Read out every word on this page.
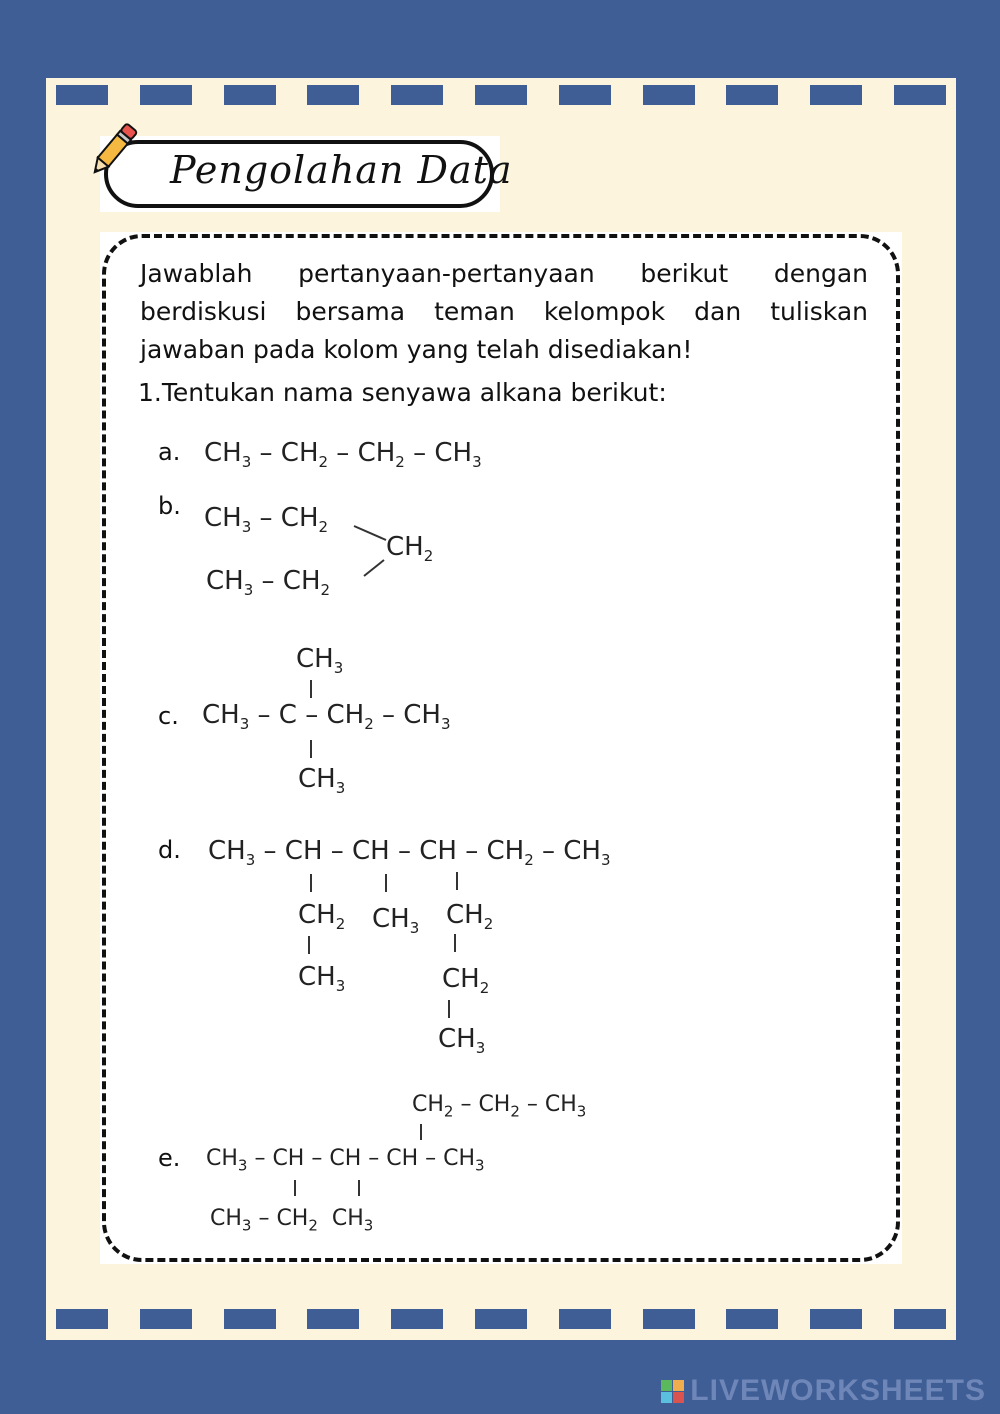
Pengolahan Data
Jawablah pertanyaan-pertanyaan berikut dengan berdiskusi bersama teman kelompok dan tuliskan jawaban pada kolom yang telah disediakan!
1.Tentukan nama senyawa alkana berikut:
a. $CH_3 - CH_2 - CH_2 - CH_3$
b. $CH_3 - CH_2$
$CH_2$
$CH_3 - CH_2$
c.
$CH_3$
$CH_3$ – C – $CH_2 - CH_3$
$CH_3$
d. $CH_3$ – CH – CH – CH – $CH_2 - CH_3$
$CH_2$ $CH_3$ $CH_2$
$CH_3$	$CH_2$
$CH_3$
e.
$CH_2 - CH_2 - CH_3$
$CH_3$ – CH – CH – CH – $CH_3$
$CH_3 - CH_2$  $CH_3$
LIVEWORKSHEETS
